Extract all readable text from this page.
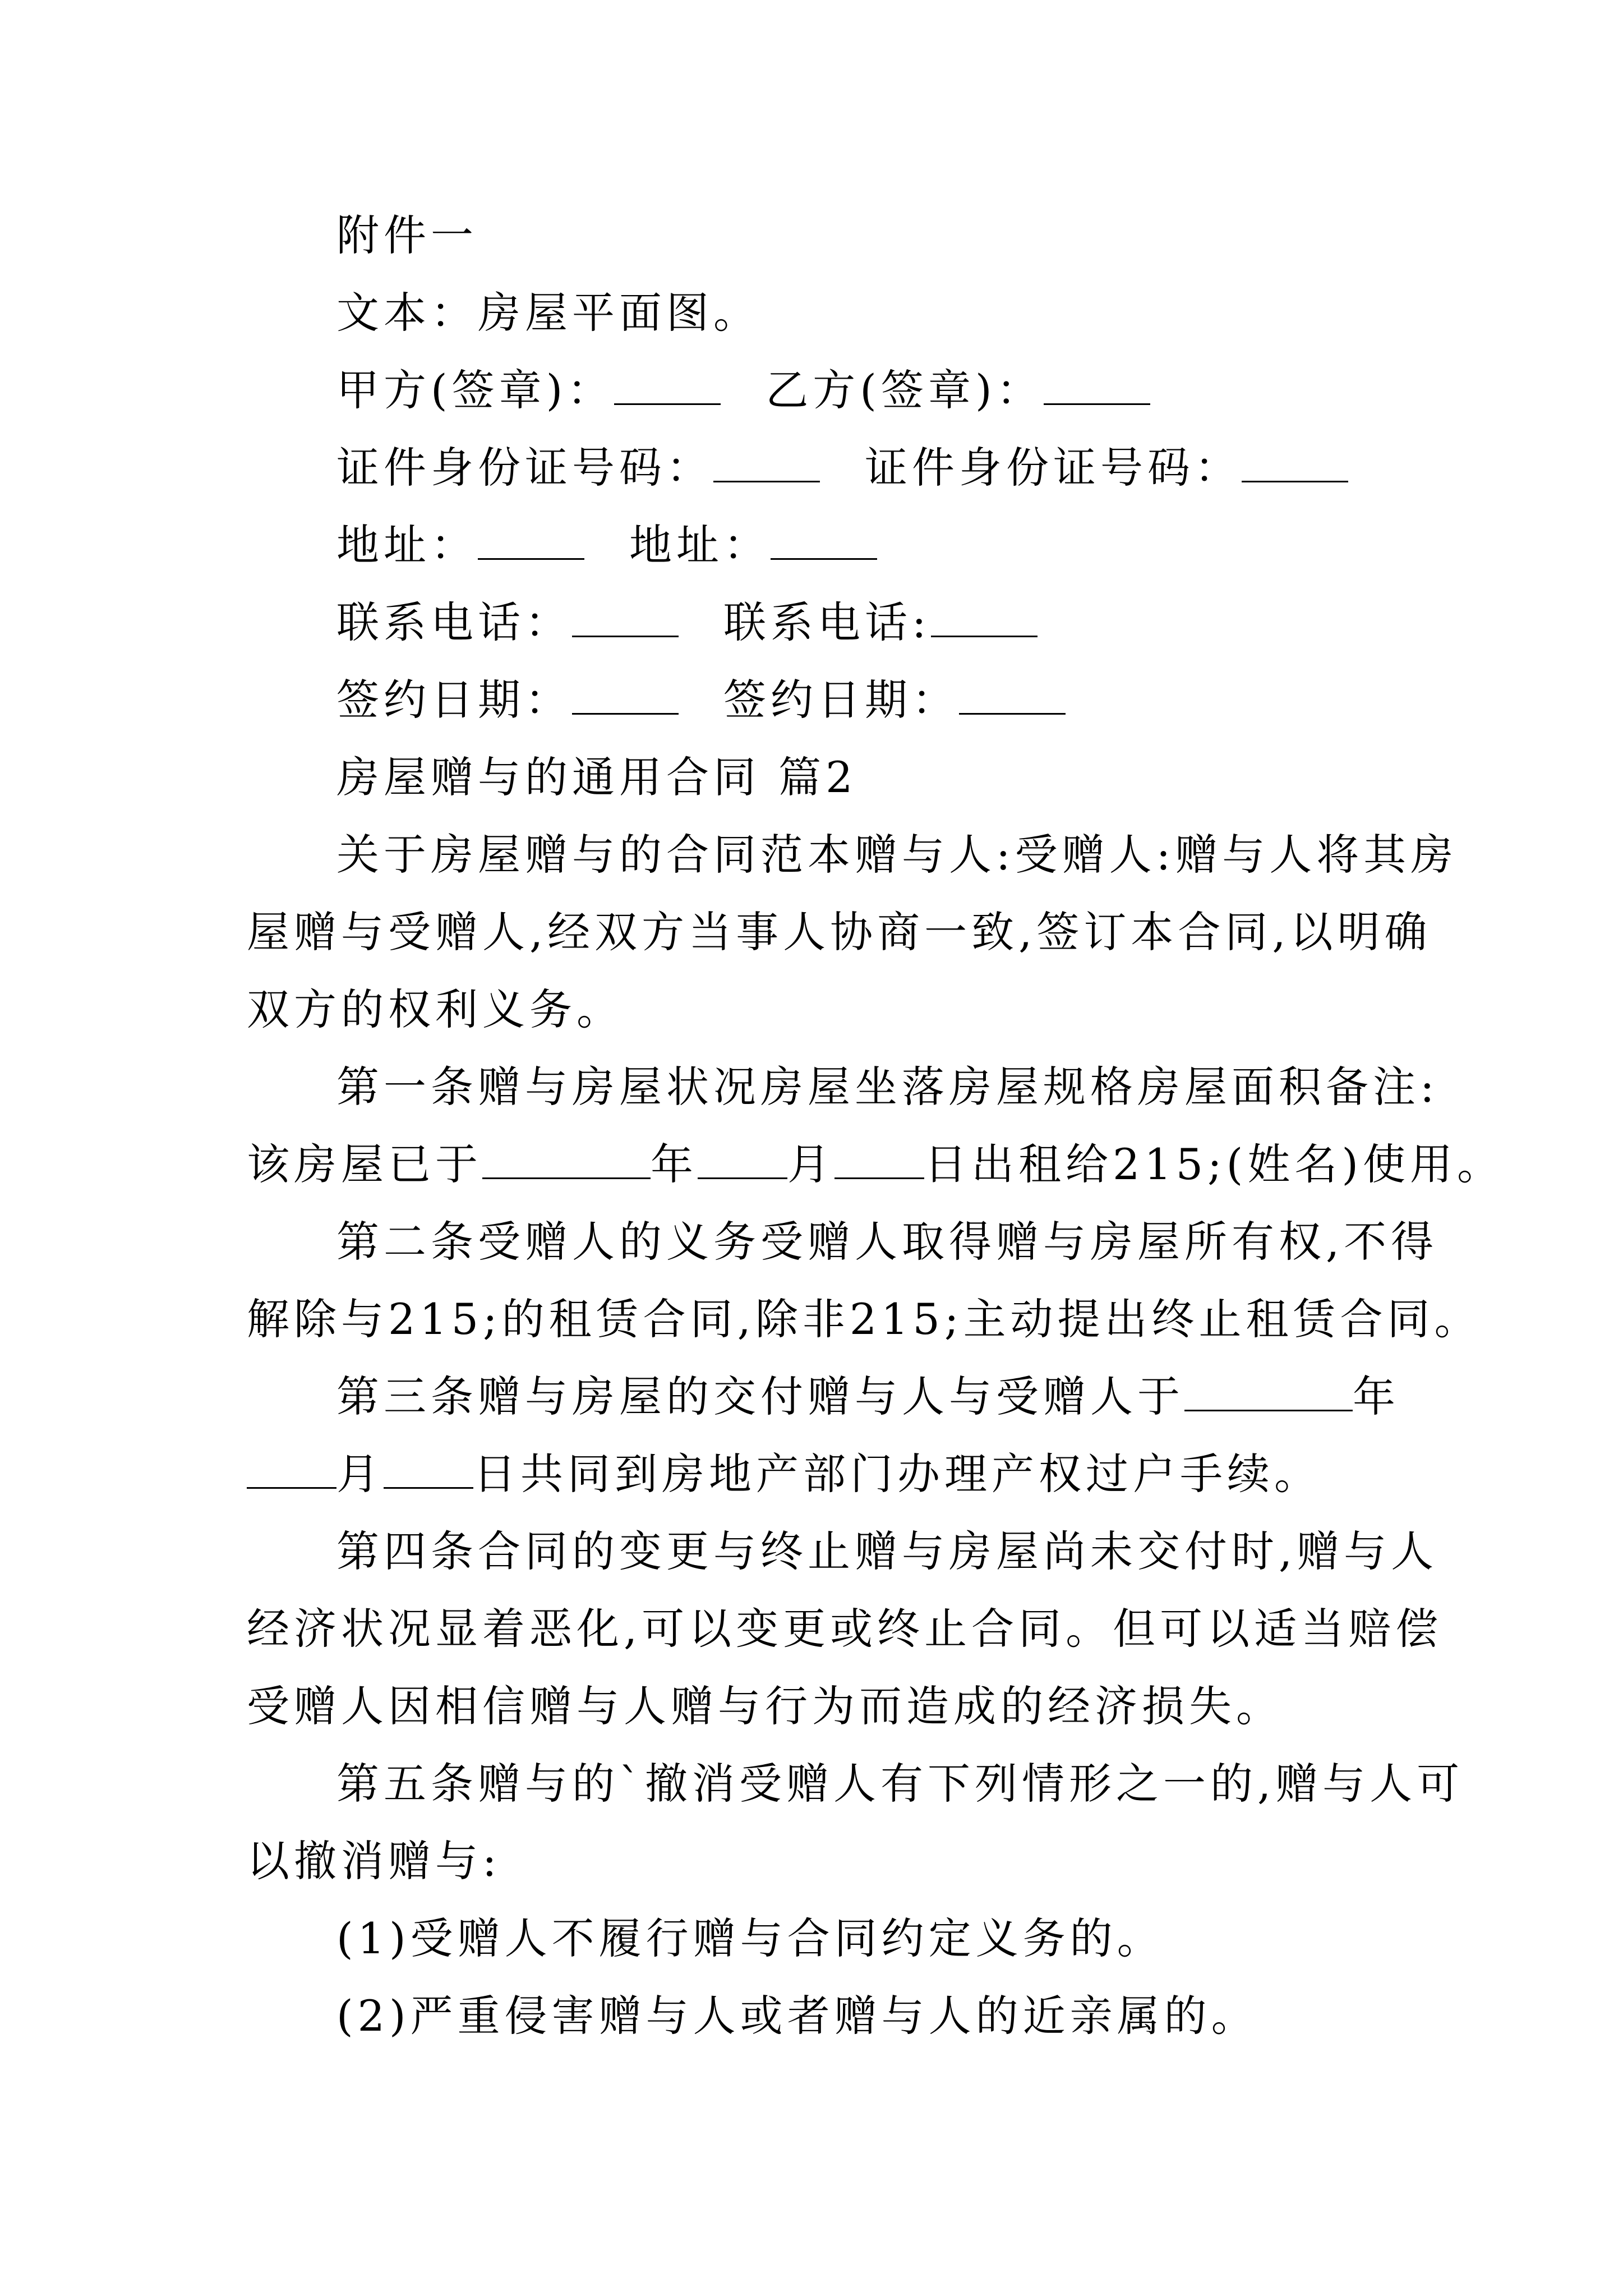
附件一
文本：房屋平面图。
甲方(签章)：	乙方(签章)：
证件身份证号码：	证件身份证号码：
地址：	地址：
联系电话：	联系电话:
签约日期：	签约日期：
房屋赠与的通用合同 篇2
关于房屋赠与的合同范本赠与人:受赠人:赠与人将其房
屋赠与受赠人,经双方当事人协商一致,签订本合同,以明确
双方的权利义务。
第一条赠与房屋状况房屋坐落房屋规格房屋面积备注:
该房屋已于	年 月 日出租给215;(姓名)使用。
第二条受赠人的义务受赠人取得赠与房屋所有权,不得
解除与215;的租赁合同,除非215;主动提出终止租赁合同。
第三条赠与房屋的交付赠与人与受赠人于	年
月 日共同到房地产部门办理产权过户手续。
第四条合同的变更与终止赠与房屋尚未交付时,赠与人
经济状况显着恶化,可以变更或终止合同。但可以适当赔偿
受赠人因相信赠与人赠与行为而造成的经济损失。
第五条赠与的`撤消受赠人有下列情形之一的,赠与人可
以撤消赠与:
(1)受赠人不履行赠与合同约定义务的。
(2)严重侵害赠与人或者赠与人的近亲属的。
